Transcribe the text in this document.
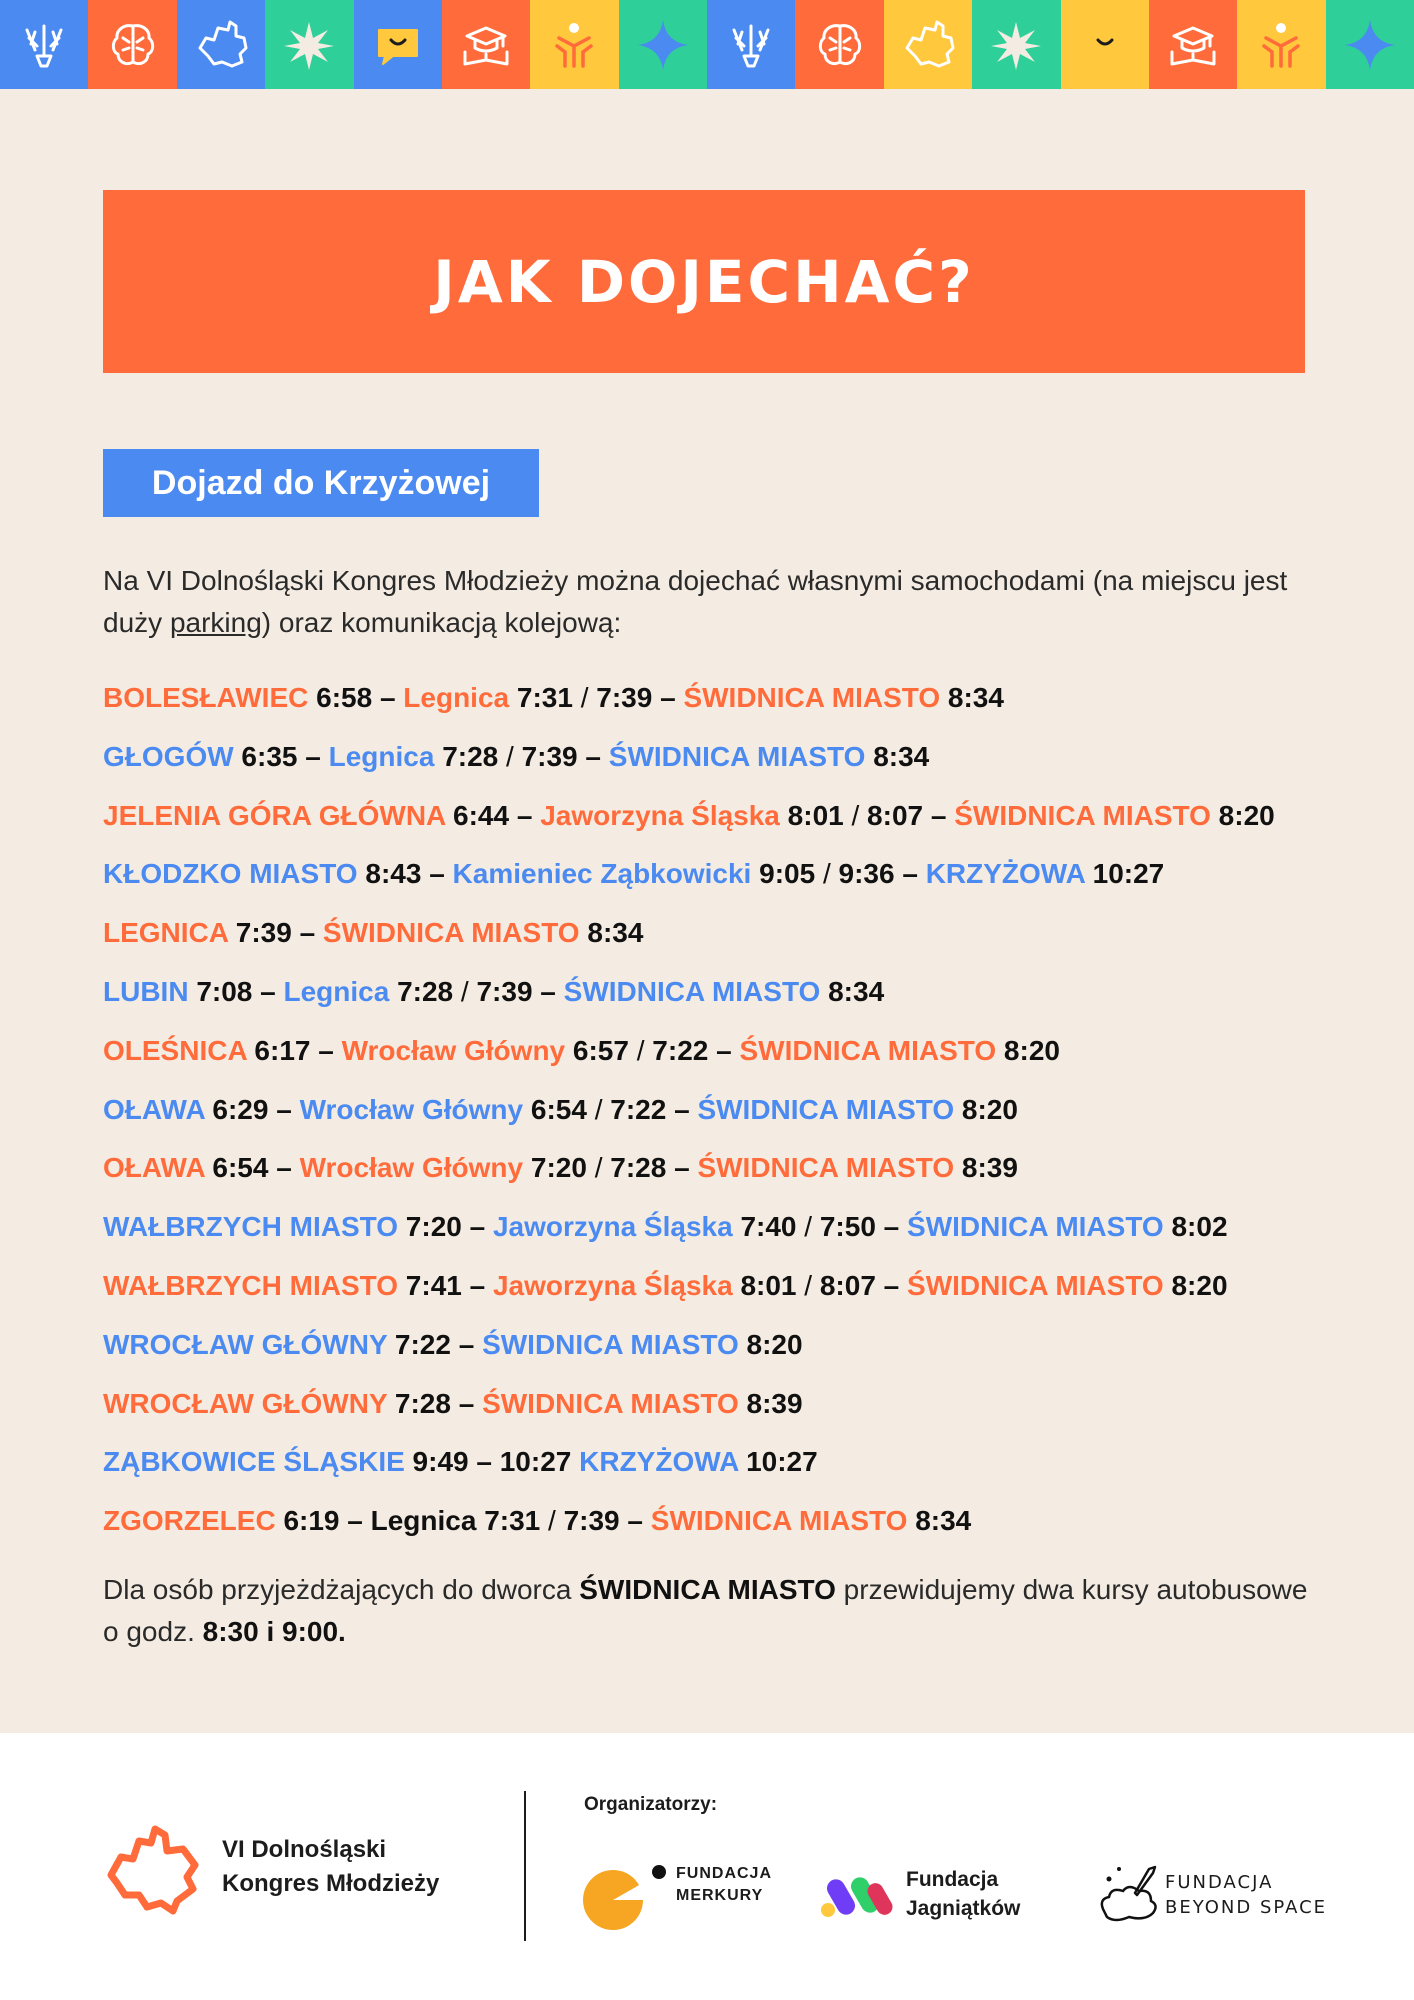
JAK DOJECHAĆ?
Dojazd do Krzyżowej
Na VI Dolnośląski Kongres Młodzieży można dojechać własnymi samochodami (na miejscu jest duży parking) oraz komunikacją kolejową:
BOLESŁAWIEC 6:58 – Legnica 7:31 / 7:39 – ŚWIDNICA MIASTO 8:34
GŁOGÓW 6:35 – Legnica 7:28 / 7:39 – ŚWIDNICA MIASTO 8:34
JELENIA GÓRA GŁÓWNA 6:44 – Jaworzyna Śląska 8:01 / 8:07 – ŚWIDNICA MIASTO 8:20
KŁODZKO MIASTO 8:43 – Kamieniec Ząbkowicki 9:05 / 9:36 – KRZYŻOWA 10:27
LEGNICA 7:39 – ŚWIDNICA MIASTO 8:34
LUBIN 7:08 – Legnica 7:28 / 7:39 – ŚWIDNICA MIASTO 8:34
OLEŚNICA 6:17 – Wrocław Główny 6:57 / 7:22 – ŚWIDNICA MIASTO 8:20
OŁAWA 6:29 – Wrocław Główny 6:54 / 7:22 – ŚWIDNICA MIASTO 8:20
OŁAWA 6:54 – Wrocław Główny 7:20 / 7:28 – ŚWIDNICA MIASTO 8:39
WAŁBRZYCH MIASTO 7:20 – Jaworzyna Śląska 7:40 / 7:50 – ŚWIDNICA MIASTO 8:02
WAŁBRZYCH MIASTO 7:41 – Jaworzyna Śląska 8:01 / 8:07 – ŚWIDNICA MIASTO 8:20
WROCŁAW GŁÓWNY 7:22 – ŚWIDNICA MIASTO 8:20
WROCŁAW GŁÓWNY 7:28 – ŚWIDNICA MIASTO 8:39
ZĄBKOWICE ŚLĄSKIE 9:49 – 10:27 KRZYŻOWA 10:27
ZGORZELEC 6:19 – Legnica 7:31 / 7:39 – ŚWIDNICA MIASTO 8:34
Dla osób przyjeżdżających do dworca ŚWIDNICA MIASTO przewidujemy dwa kursy autobusowe o godz. 8:30 i 9:00.
VI Dolnośląski
Kongres Młodzieży
Organizatorzy:
FUNDACJA
MERKURY
Fundacja
Jagniątków
FUNDACJA
BEYOND SPACE
